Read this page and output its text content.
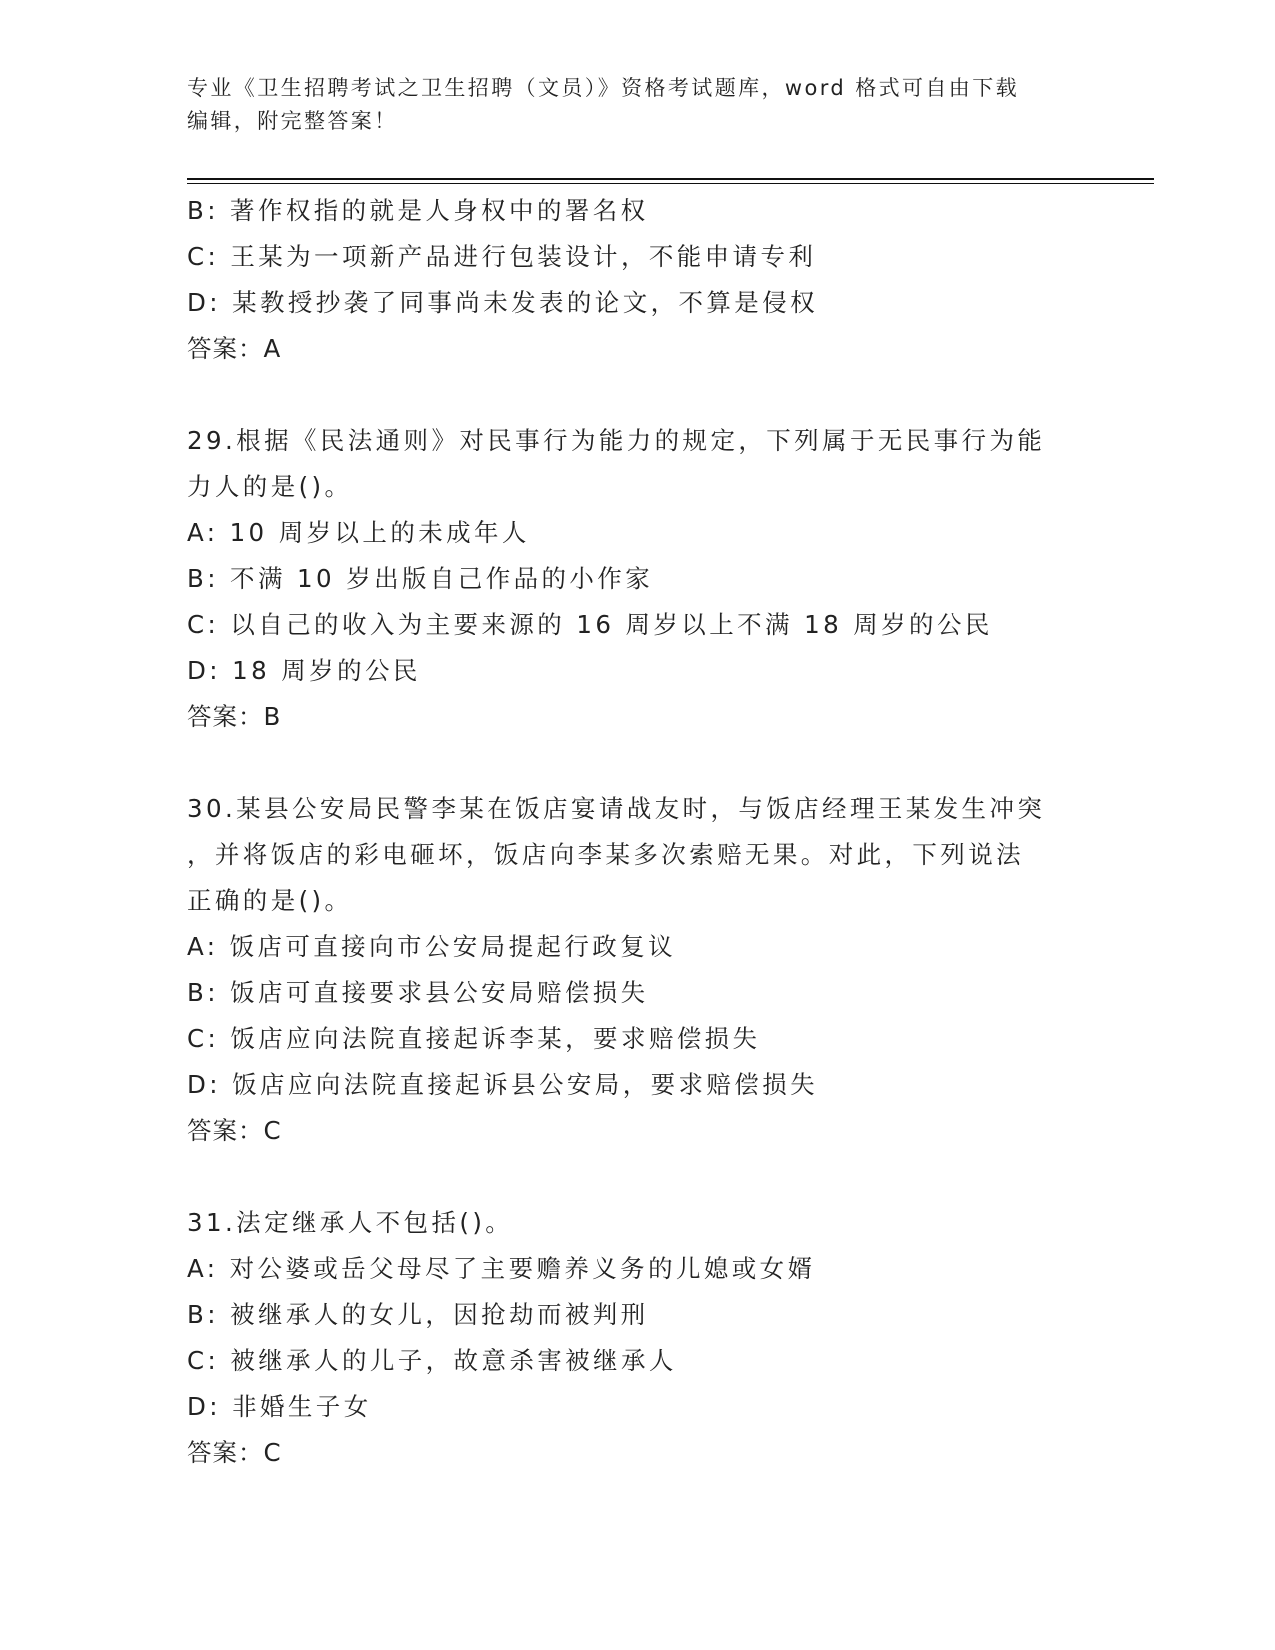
专业《卫生招聘考试之卫生招聘（文员）》资格考试题库，word 格式可自由下载
编辑，附完整答案！
B: 著作权指的就是人身权中的署名权
C: 王某为一项新产品进行包装设计，不能申请专利
D: 某教授抄袭了同事尚未发表的论文，不算是侵权
答案：A
29.根据《民法通则》对民事行为能力的规定，下列属于无民事行为能
力人的是()。
A: 10 周岁以上的未成年人
B: 不满 10 岁出版自己作品的小作家
C: 以自己的收入为主要来源的 16 周岁以上不满 18 周岁的公民
D: 18 周岁的公民
答案：B
30.某县公安局民警李某在饭店宴请战友时，与饭店经理王某发生冲突
，并将饭店的彩电砸坏，饭店向李某多次索赔无果。对此，下列说法
正确的是()。
A: 饭店可直接向市公安局提起行政复议
B: 饭店可直接要求县公安局赔偿损失
C: 饭店应向法院直接起诉李某，要求赔偿损失
D: 饭店应向法院直接起诉县公安局，要求赔偿损失
答案：C
31.法定继承人不包括()。
A: 对公婆或岳父母尽了主要赡养义务的儿媳或女婿
B: 被继承人的女儿，因抢劫而被判刑
C: 被继承人的儿子，故意杀害被继承人
D: 非婚生子女
答案：C
